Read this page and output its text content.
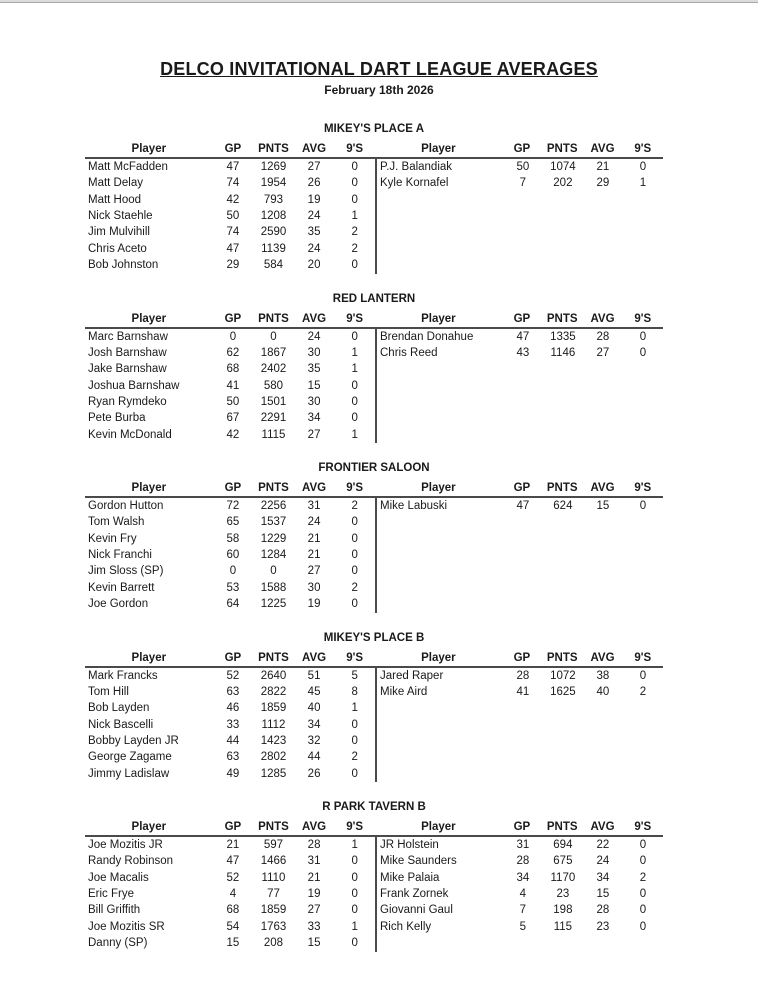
DELCO INVITATIONAL DART LEAGUE AVERAGES
February 18th 2026
MIKEY'S PLACE A
Player	GP	PNTS	AVG	9'S
Matt McFadden	47	1269	27	0
Matt Delay	74	1954	26	0
Matt Hood	42	793	19	0
Nick Staehle	50	1208	24	1
Jim Mulvihill	74	2590	35	2
Chris Aceto	47	1139	24	2
Bob Johnston	29	584	20	0
Player	GP	PNTS	AVG	9'S
P.J. Balandiak	50	1074	21	0
Kyle Kornafel	7	202	29	1
RED LANTERN
Player	GP	PNTS	AVG	9'S
Marc Barnshaw	0	0	24	0
Josh Barnshaw	62	1867	30	1
Jake Barnshaw	68	2402	35	1
Joshua Barnshaw	41	580	15	0
Ryan Rymdeko	50	1501	30	0
Pete Burba	67	2291	34	0
Kevin McDonald	42	1115	27	1
Player	GP	PNTS	AVG	9'S
Brendan Donahue	47	1335	28	0
Chris Reed	43	1146	27	0
FRONTIER SALOON
Player	GP	PNTS	AVG	9'S
Gordon Hutton	72	2256	31	2
Tom Walsh	65	1537	24	0
Kevin Fry	58	1229	21	0
Nick Franchi	60	1284	21	0
Jim Sloss (SP)	0	0	27	0
Kevin Barrett	53	1588	30	2
Joe Gordon	64	1225	19	0
Player	GP	PNTS	AVG	9'S
Mike Labuski	47	624	15	0
MIKEY'S PLACE B
Player	GP	PNTS	AVG	9'S
Mark Francks	52	2640	51	5
Tom Hill	63	2822	45	8
Bob Layden	46	1859	40	1
Nick Bascelli	33	1112	34	0
Bobby Layden JR	44	1423	32	0
George Zagame	63	2802	44	2
Jimmy Ladislaw	49	1285	26	0
Player	GP	PNTS	AVG	9'S
Jared Raper	28	1072	38	0
Mike Aird	41	1625	40	2
R PARK TAVERN B
Player	GP	PNTS	AVG	9'S
Joe Mozitis JR	21	597	28	1
Randy Robinson	47	1466	31	0
Joe Macalis	52	1110	21	0
Eric Frye	4	77	19	0
Bill Griffith	68	1859	27	0
Joe Mozitis SR	54	1763	33	1
Danny (SP)	15	208	15	0
Player	GP	PNTS	AVG	9'S
JR Holstein	31	694	22	0
Mike Saunders	28	675	24	0
Mike Palaia	34	1170	34	2
Frank Zornek	4	23	15	0
Giovanni Gaul	7	198	28	0
Rich Kelly	5	115	23	0
